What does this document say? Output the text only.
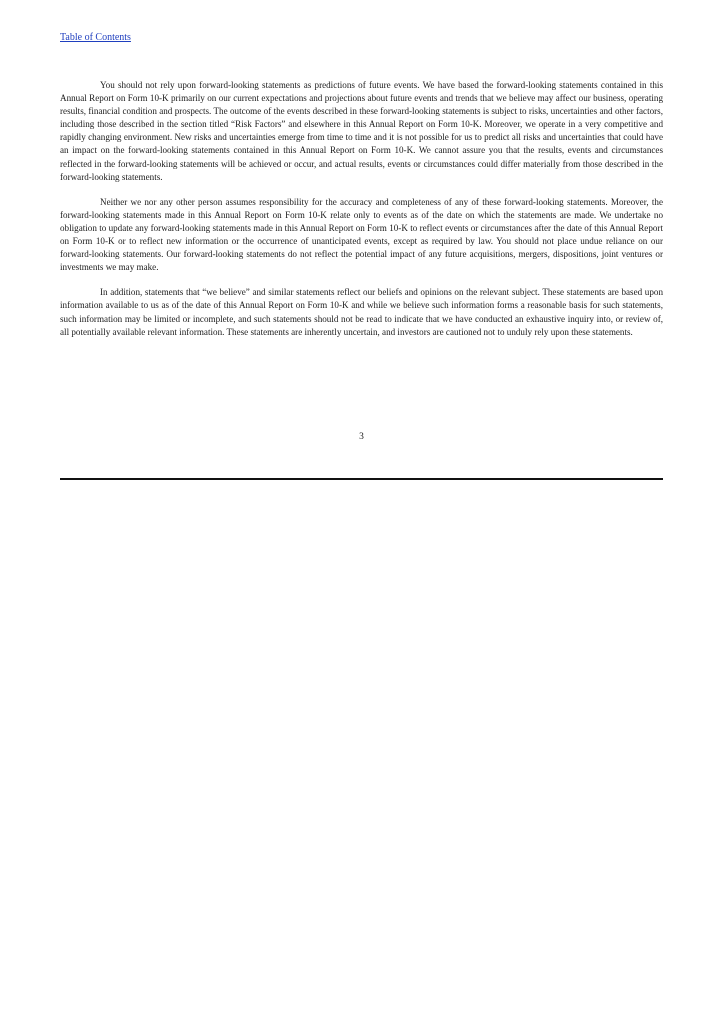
Table of Contents

You should not rely upon forward-looking statements as predictions of future events. We have based the forward-looking statements contained in this Annual Report on Form 10-K primarily on our current expectations and projections about future events and trends that we believe may affect our business, operating results, financial condition and prospects. The outcome of the events described in these forward-looking statements is subject to risks, uncertainties and other factors, including those described in the section titled “Risk Factors” and elsewhere in this Annual Report on Form 10-K. Moreover, we operate in a very competitive and rapidly changing environment. New risks and uncertainties emerge from time to time and it is not possible for us to predict all risks and uncertainties that could have an impact on the forward-looking statements contained in this Annual Report on Form 10-K. We cannot assure you that the results, events and circumstances reflected in the forward-looking statements will be achieved or occur, and actual results, events or circumstances could differ materially from those described in the forward-looking statements.

Neither we nor any other person assumes responsibility for the accuracy and completeness of any of these forward-looking statements. Moreover, the forward-looking statements made in this Annual Report on Form 10-K relate only to events as of the date on which the statements are made. We undertake no obligation to update any forward-looking statements made in this Annual Report on Form 10-K to reflect events or circumstances after the date of this Annual Report on Form 10-K or to reflect new information or the occurrence of unanticipated events, except as required by law. You should not place undue reliance on our forward-looking statements. Our forward-looking statements do not reflect the potential impact of any future acquisitions, mergers, dispositions, joint ventures or investments we may make.

In addition, statements that “we believe” and similar statements reflect our beliefs and opinions on the relevant subject. These statements are based upon information available to us as of the date of this Annual Report on Form 10-K and while we believe such information forms a reasonable basis for such statements, such information may be limited or incomplete, and such statements should not be read to indicate that we have conducted an exhaustive inquiry into, or review of, all potentially available relevant information. These statements are inherently uncertain, and investors are cautioned not to unduly rely upon these statements.

3
